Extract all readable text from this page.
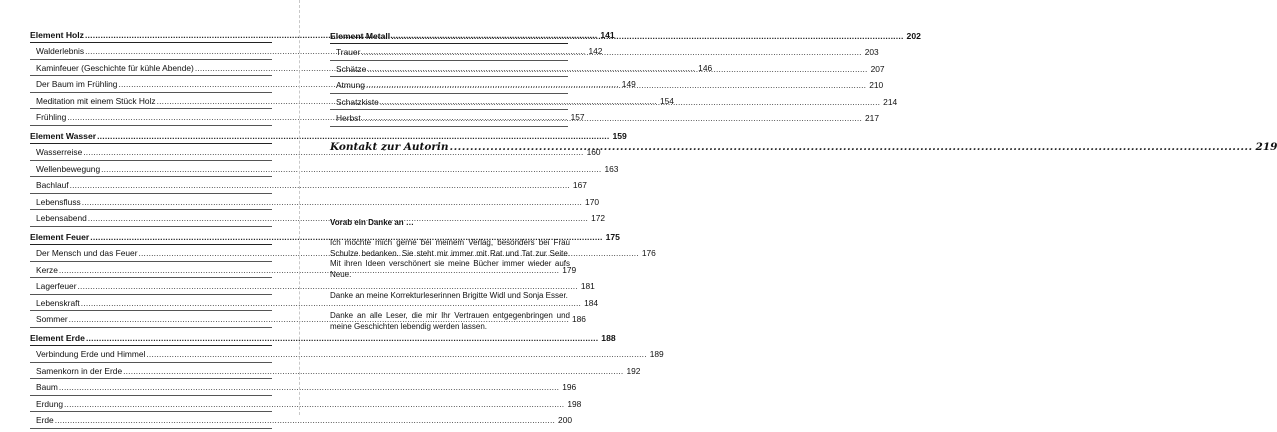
Element Holz .....	141
Walderlebnis .....	142
Kaminfeuer (Geschichte für kühle Abende) .....	146
Der Baum im Frühling .....	149
Meditation mit einem Stück Holz .....	154
Frühling .....	157
Element Wasser .....	159
Wasserreise .....	160
Wellenbewegung .....	163
Bachlauf .....	167
Lebensfluss .....	170
Lebensabend .....	172
Element Feuer .....	175
Der Mensch und das Feuer .....	176
Kerze .....	179
Lagerfeuer .....	181
Lebenskraft .....	184
Sommer .....	186
Element Erde .....	188
Verbindung Erde und Himmel .....	189
Samenkorn in der Erde .....	192
Baum .....	196
Erdung .....	198
Erde .....	200
Element Metall .....	202
Trauer .....	203
Schätze .....	207
Atmung .....	210
Schatzkiste .....	214
Herbst .....	217
Kontakt zur Autorin .....	219
Vorab ein Danke an …

Ich möchte mich gerne bei meinem Verlag, besonders bei Frau Schulze bedanken. Sie steht mir immer mit Rat und Tat zur Seite. Mit ihren Ideen verschönert sie meine Bücher immer wieder aufs Neue.

Danke an meine Korrekturleserinnen Brigitte Widl und Sonja Esser.

Danke an alle Leser, die mir Ihr Vertrauen entgegenbringen und meine Geschichten lebendig werden lassen.
